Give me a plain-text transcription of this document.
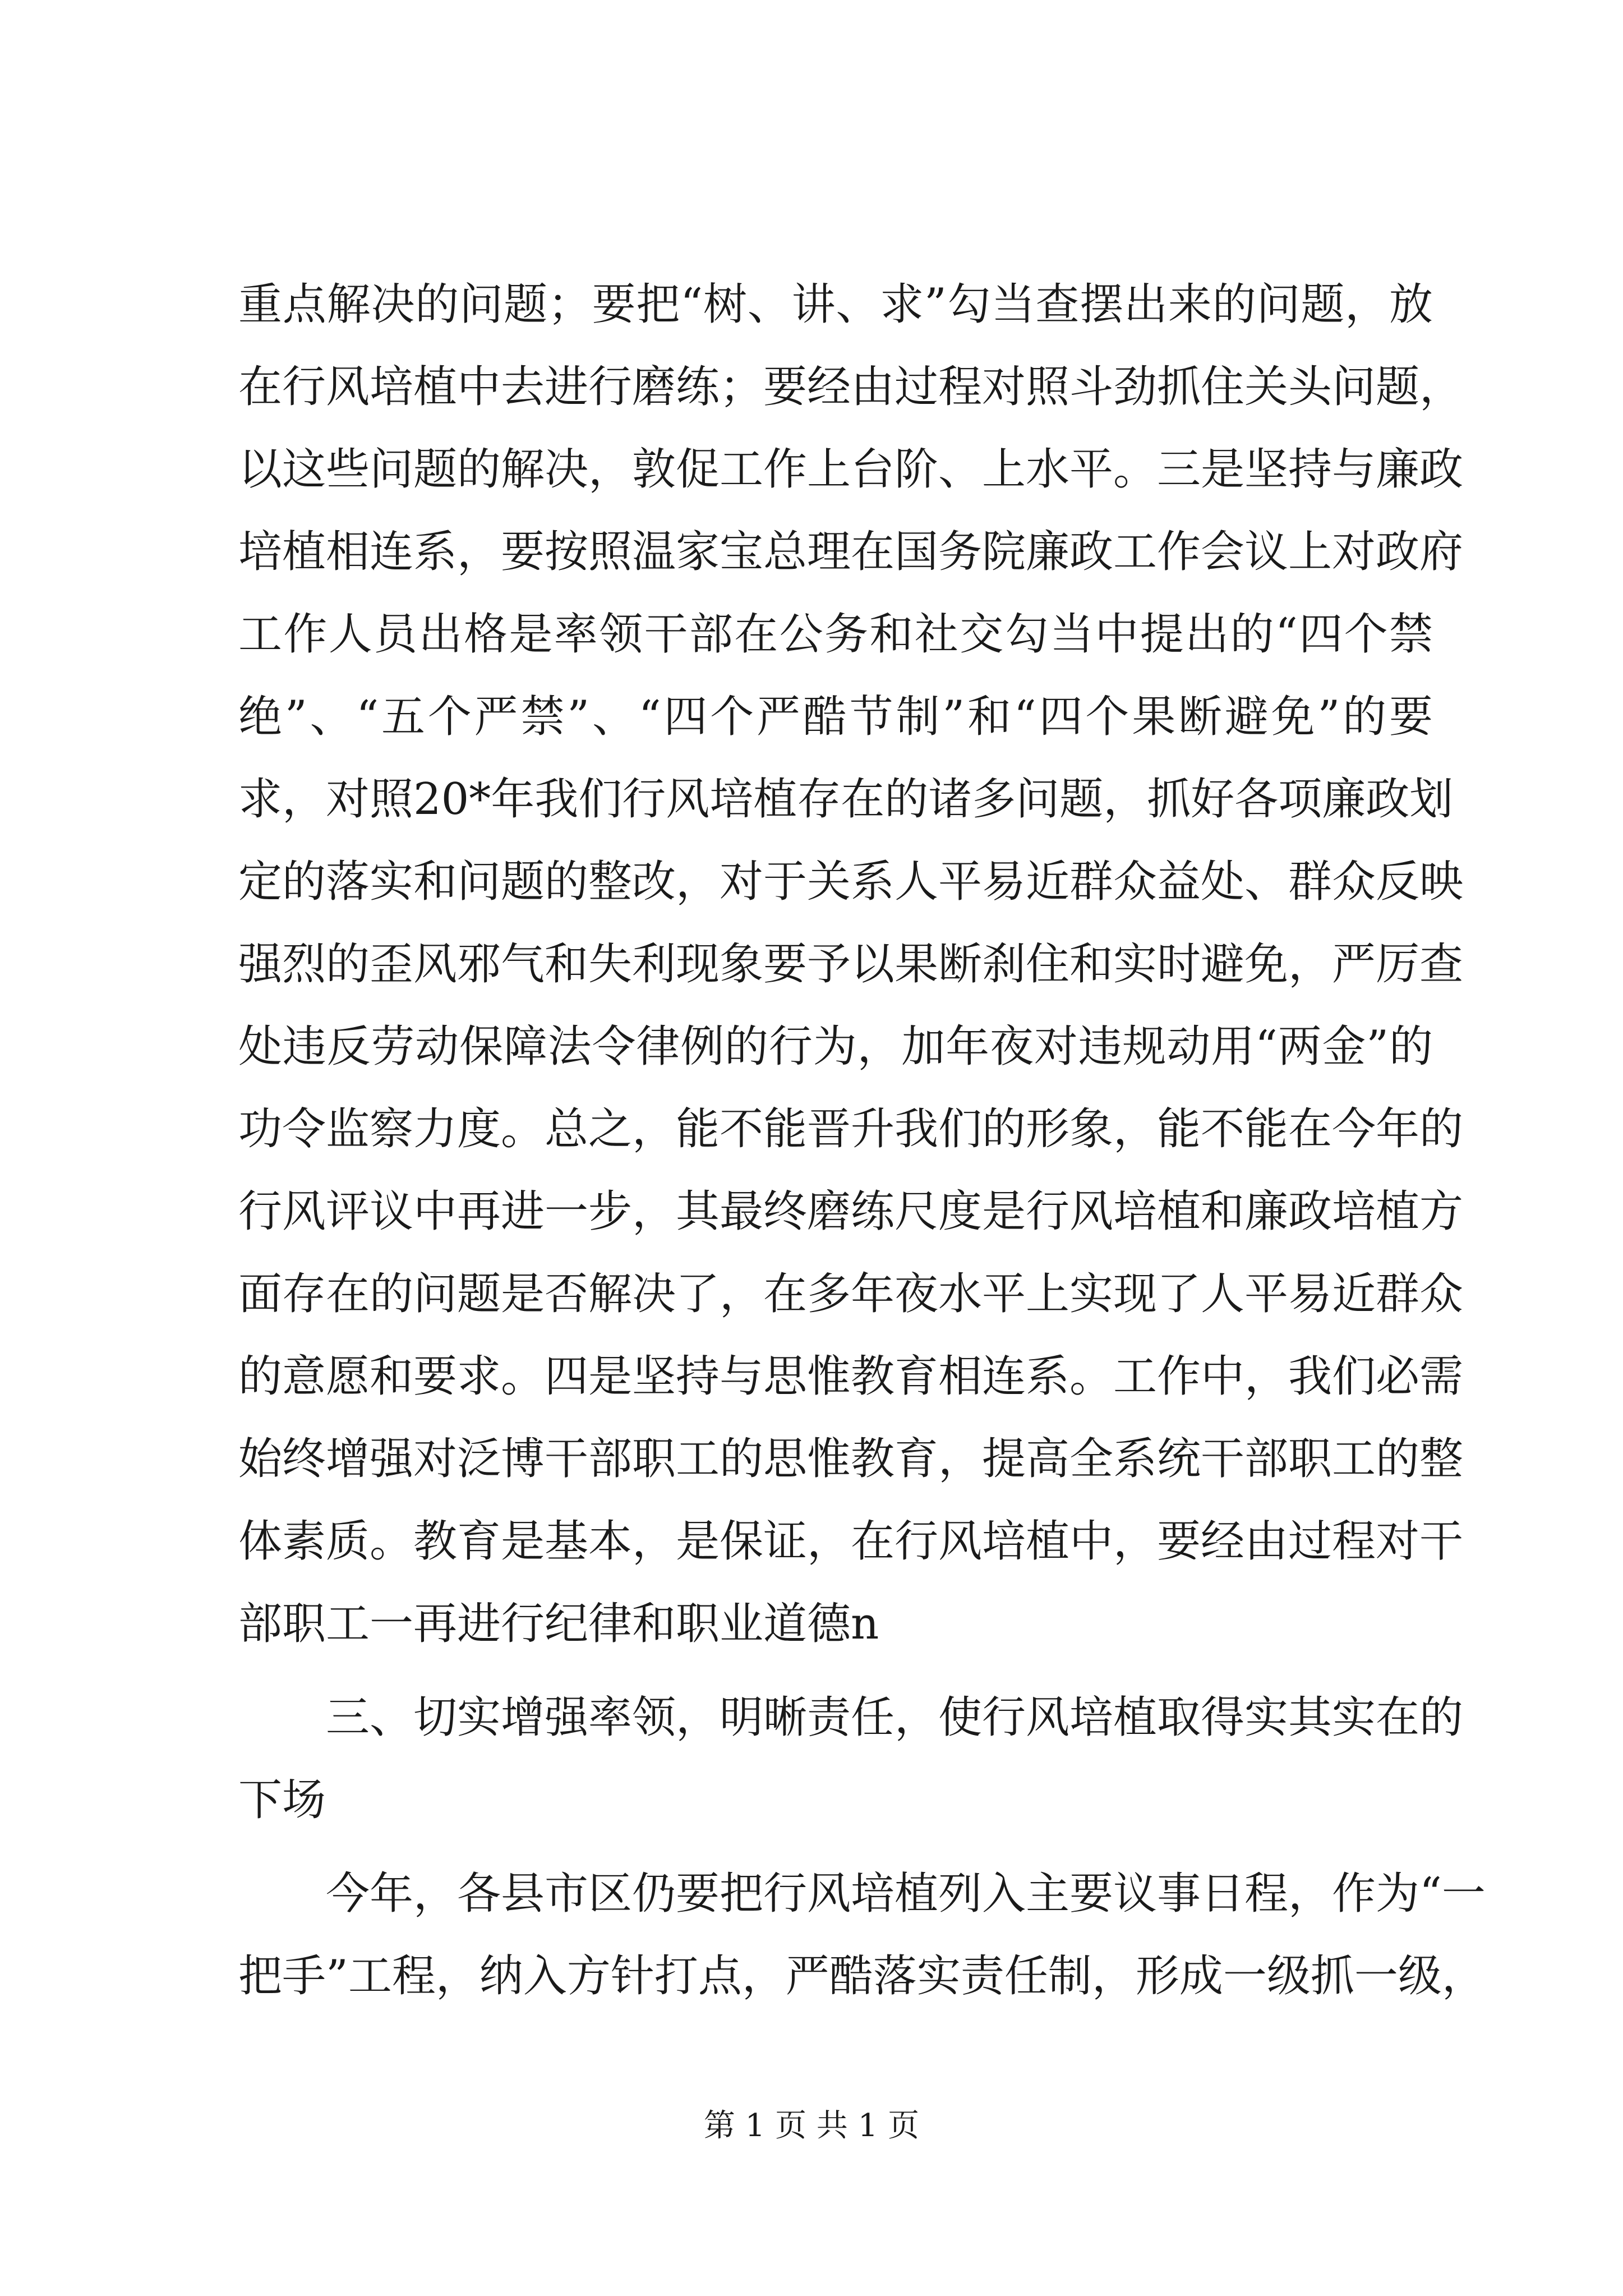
重点解决的问题；要把“树、讲、求”勾当查摆出来的问题，放
在行风培植中去进行磨练；要经由过程对照斗劲抓住关头问题，
以这些问题的解决，敦促工作上台阶、上水平。三是坚持与廉政
培植相连系，要按照温家宝总理在国务院廉政工作会议上对政府
工作人员出格是率领干部在公务和社交勾当中提出的“四个禁
绝”、“五个严禁”、“四个严酷节制”和“四个果断避免”的要
求，对照20*年我们行风培植存在的诸多问题，抓好各项廉政划
定的落实和问题的整改，对于关系人平易近群众益处、群众反映
强烈的歪风邪气和失利现象要予以果断刹住和实时避免，严厉查
处违反劳动保障法令律例的行为，加年夜对违规动用“两金”的
功令监察力度。总之，能不能晋升我们的形象，能不能在今年的
行风评议中再进一步，其最终磨练尺度是行风培植和廉政培植方
面存在的问题是否解决了，在多年夜水平上实现了人平易近群众
的意愿和要求。四是坚持与思惟教育相连系。工作中，我们必需
始终增强对泛博干部职工的思惟教育，提高全系统干部职工的整
体素质。教育是基本，是保证，在行风培植中，要经由过程对干
部职工一再进行纪律和职业道德n
三、切实增强率领，明晰责任，使行风培植取得实其实在的
下场
今年，各县市区仍要把行风培植列入主要议事日程，作为“一
把手”工程，纳入方针打点，严酷落实责任制，形成一级抓一级，
第 1 页 共 1 页
